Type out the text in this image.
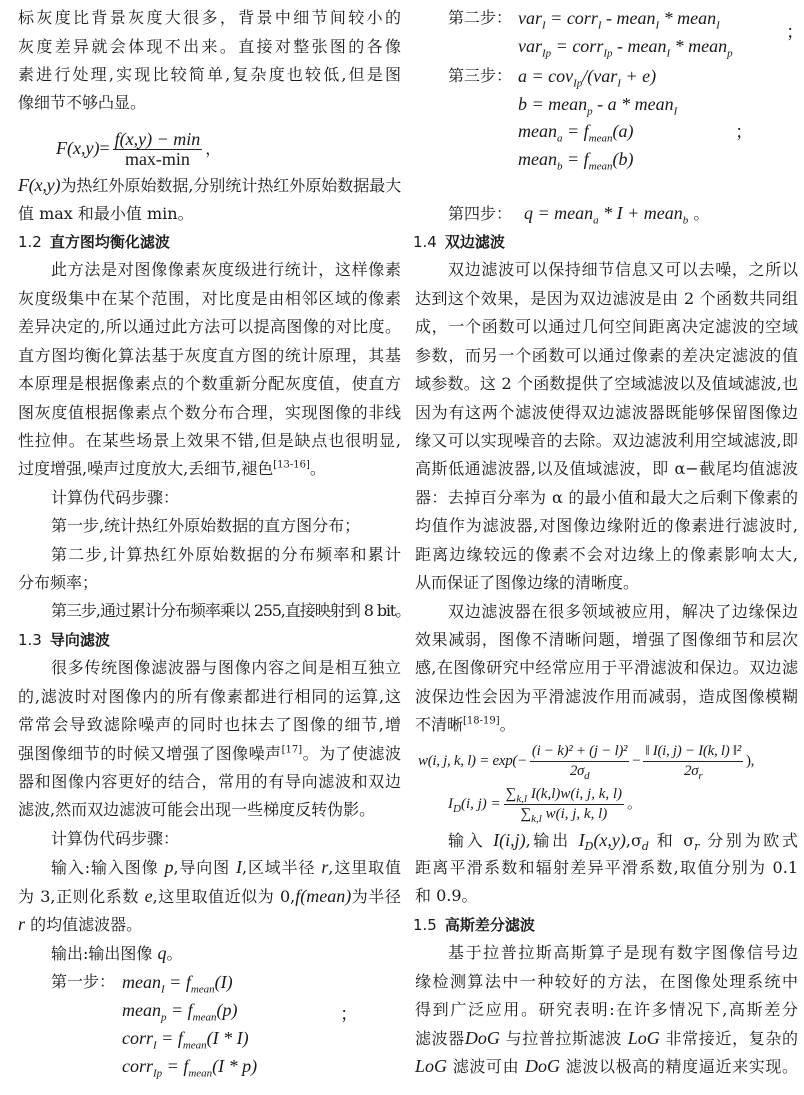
标灰度比背景灰度大很多，背景中细节间较小的
灰度差异就会体现不出来。直接对整张图的各像
素进行处理,实现比较简单,复杂度也较低,但是图
像细节不够凸显。
$F(x,y)= \frac{f(x,y) - \min}{\max-\min}$ ，
F(x,y)为热红外原始数据,分别统计热红外原始数据最大
值 max 和最小值 min。
1.2 直方图均衡化滤波
此方法是对图像像素灰度级进行统计，这样像素
灰度级集中在某个范围，对比度是由相邻区域的像素
差异决定的,所以通过此方法可以提高图像的对比度。
直方图均衡化算法基于灰度直方图的统计原理，其基
本原理是根据像素点的个数重新分配灰度值，使直方
图灰度值根据像素点个数分布合理，实现图像的非线
性拉伸。在某些场景上效果不错,但是缺点也很明显,
过度增强,噪声过度放大,丢细节,褪色[13-16]。
计算伪代码步骤：
第一步,统计热红外原始数据的直方图分布；
第二步,计算热红外原始数据的分布频率和累计
分布频率；
第三步,通过累计分布频率乘以 255,直接映射到 8 bit。
1.3 导向滤波
很多传统图像滤波器与图像内容之间是相互独立
的,滤波时对图像内的所有像素都进行相同的运算,这
常常会导致滤除噪声的同时也抹去了图像的细节,增
强图像细节的时候又增强了图像噪声[17]。为了使滤波
器和图像内容更好的结合，常用的有导向滤波和双边
滤波,然而双边滤波可能会出现一些梯度反转伪影。
计算伪代码步骤：
输入:输入图像 p,导向图 I,区域半径 r,这里取值
为 3,正则化系数 e,这里取值近似为 0,f(mean)为半径
r 的均值滤波器。
输出:输出图像 q。
第一步：
；
第二步： var$_I$ = corr$_I$ - mean$_I$ * mean$_I$
var$_{Ip}$ = corr$_{Ip}$ - mean$_I$ * mean$_p$
；
第三步： a = cov$_{Ip}$/(var$_I$ + e)
b = mean$_p$ - a * mean$_I$
mean$_a$ = $f_{mean}(a)$
mean$_b$ = $f_{mean}(b)$
；
第四步： q = mean$_a$ * I + mean$_b$ 。
1.4 双边滤波
不清晰[18-19]。
w(i, j, k, $l) = \exp(- \frac{\text{(i − k)² + (j − l)²}}{2\sigma_d} - \frac{\text{‖ I(i, j) − I(k, l) ‖²}}{2\sigma_r}$ ),
$I_D(i$, $j) = \frac{\sum_{k,l} I(k,l)w(i, j, k, l)}{\sum_{k,l} w(i, j, k, l)}$ 。
输入 I(i,j),输出 $I_D(x,y),\sigma_d$ 和 $\sigma_r$ 分别为欧式
距离平滑系数和辐射差异平滑系数,取值分别为 0.1
和 0.9。
1.5 高斯差分滤波
基于拉普拉斯高斯算子是现有数字图像信号边
缘检测算法中一种较好的方法，在图像处理系统中
得到广泛应用。研究表明:在许多情况下,高斯差分
滤波器DoG 与拉普拉斯滤波 LoG 非常接近，复杂的
LoG 滤波可由 DoG 滤波以极高的精度逼近来实现。
mean$_I$ = $f_{mean}(I)$
mean$_p$ = $f_{mean}(p)$
corr$_I$ = $f_{mean}(I * I)$
corr$_{Ip}$ = $f_{mean}(I * p)$
双边滤波可以保持细节信息又可以去噪，之所以
达到这个效果，是因为双边滤波是由 2 个函数共同组
成，一个函数可以通过几何空间距离决定滤波的空域
参数，而另一个函数可以通过像素的差决定滤波的值
域参数。这 2 个函数提供了空域滤波以及值域滤波,也
因为有这两个滤波使得双边滤波器既能够保留图像边
缘又可以实现噪音的去除。双边滤波利用空域滤波,即
高斯低通滤波器,以及值域滤波，即 α−截尾均值滤波
器：去掉百分率为 α 的最小值和最大之后剩下像素的
均值作为滤波器,对图像边缘附近的像素进行滤波时,
距离边缘较远的像素不会对边缘上的像素影响太大,
从而保证了图像边缘的清晰度。
双边滤波器在很多领域被应用，解决了边缘保边
效果减弱，图像不清晰问题，增强了图像细节和层次
感,在图像研究中经常应用于平滑滤波和保边。双边滤
波保边性会因为平滑滤波作用而减弱，造成图像模糊
